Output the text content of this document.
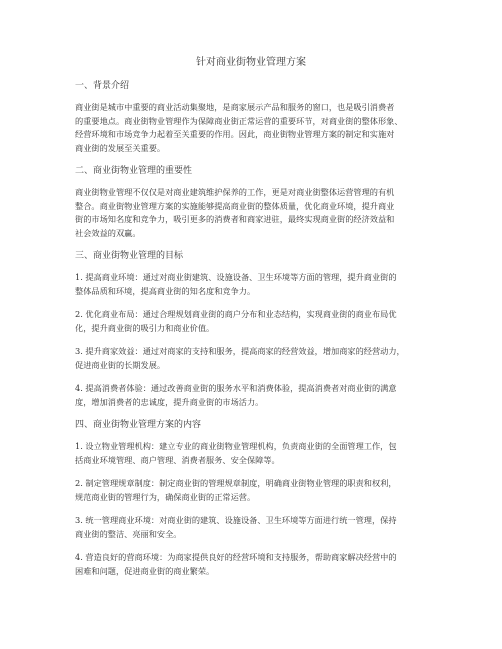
针对商业街物业管理方案
一、背景介绍
商业街是城市中重要的商业活动集聚地，是商家展示产品和服务的窗口，也是吸引消费者
的重要地点。商业街物业管理作为保障商业街正常运营的重要环节，对商业街的整体形象、
经营环境和市场竞争力起着至关重要的作用。因此，商业街物业管理方案的制定和实施对
商业街的发展至关重要。
二、商业街物业管理的重要性
商业街物业管理不仅仅是对商业建筑维护保养的工作，更是对商业街整体运营管理的有机
整合。商业街物业管理方案的实施能够提高商业街的整体质量，优化商业环境，提升商业
街的市场知名度和竞争力，吸引更多的消费者和商家进驻，最终实现商业街的经济效益和
社会效益的双赢。
三、商业街物业管理的目标
1. 提高商业环境：通过对商业街建筑、设施设备、卫生环境等方面的管理，提升商业街的
整体品质和环境，提高商业街的知名度和竞争力。
2. 优化商业布局：通过合理规划商业街的商户分布和业态结构，实现商业街的商业布局优
化，提升商业街的吸引力和商业价值。
3. 提升商家效益：通过对商家的支持和服务，提高商家的经营效益，增加商家的经营动力，
促进商业街的长期发展。
4. 提高消费者体验：通过改善商业街的服务水平和消费体验，提高消费者对商业街的满意
度，增加消费者的忠诚度，提升商业街的市场活力。
四、商业街物业管理方案的内容
1. 设立物业管理机构：建立专业的商业街物业管理机构，负责商业街的全面管理工作，包
括商业环境管理、商户管理、消费者服务、安全保障等。
2. 制定管理规章制度：制定商业街的管理规章制度，明确商业街物业管理的职责和权利，
规范商业街的管理行为，确保商业街的正常运营。
3. 统一管理商业环境：对商业街的建筑、设施设备、卫生环境等方面进行统一管理，保持
商业街的整洁、亮丽和安全。
4. 营造良好的营商环境：为商家提供良好的经营环境和支持服务，帮助商家解决经营中的
困难和问题，促进商业街的商业繁荣。
